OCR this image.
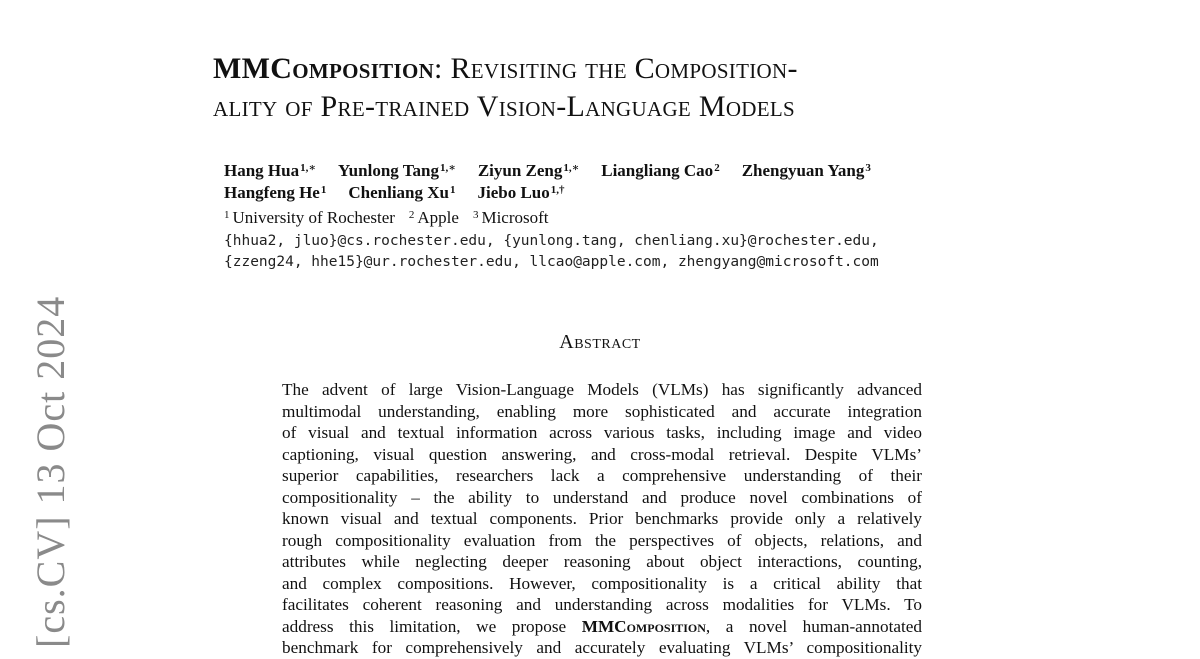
MMComposition: Revisiting the Composition-
ality of Pre-trained Vision-Language Models
Hang Hua$^{1,∗}$ Yunlong Tang$^{1,∗}$ Ziyun Zeng$^{1,∗}$ Liangliang Cao$^2$ Zhengyuan Yang$^3$
Hangfeng He$^1$ Chenliang Xu$^1$ Jiebo Luo$^{1,\dagger}$
$^1$ University of Rochester $^2$ Apple $^3$ Microsoft
{hhua2, jluo}@cs.rochester.edu, {yunlong.tang, chenliang.xu}@rochester.edu,
{zzeng24, hhe15}@ur.rochester.edu, llcao@apple.com, zhengyang@microsoft.com
Abstract
The advent of large Vision-Language Models (VLMs) has significantly advanced
multimodal understanding, enabling more sophisticated and accurate integration
of visual and textual information across various tasks, including image and video
captioning, visual question answering, and cross-modal retrieval. Despite VLMs’
superior capabilities, researchers lack a comprehensive understanding of their
compositionality – the ability to understand and produce novel combinations of
known visual and textual components. Prior benchmarks provide only a relatively
rough compositionality evaluation from the perspectives of objects, relations, and
attributes while neglecting deeper reasoning about object interactions, counting,
and complex compositions. However, compositionality is a critical ability that
facilitates coherent reasoning and understanding across modalities for VLMs. To
address this limitation, we propose MMComposition, a novel human-annotated
benchmark for comprehensively and accurately evaluating VLMs’ compositionality
[cs.CV] 13 Oct 2024
